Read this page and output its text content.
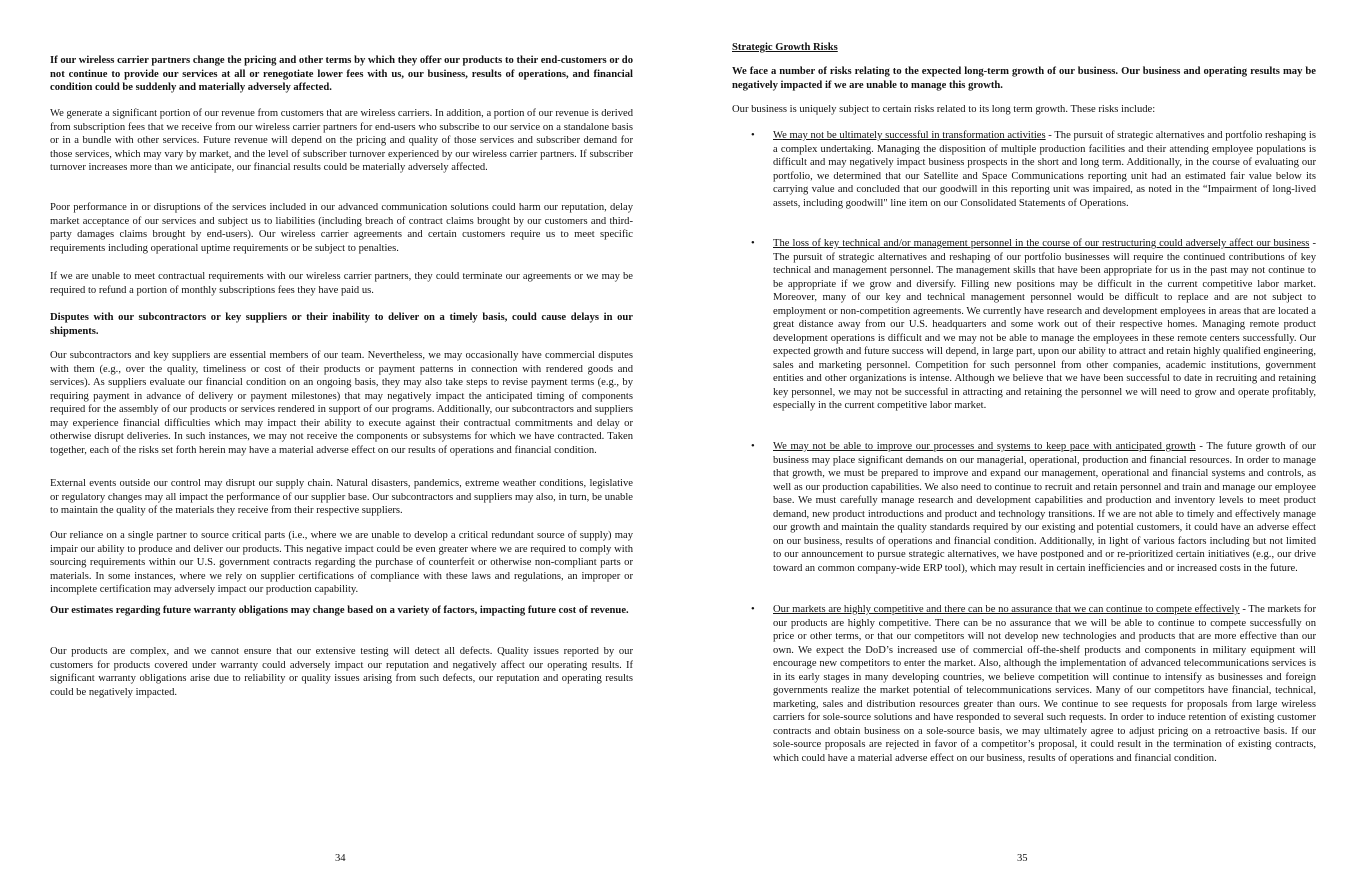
If our wireless carrier partners change the pricing and other terms by which they offer our products to their end-customers or do not continue to provide our services at all or renegotiate lower fees with us, our business, results of operations, and financial condition could be suddenly and materially adversely affected.

We generate a significant portion of our revenue from customers that are wireless carriers. In addition, a portion of our revenue is derived from subscription fees that we receive from our wireless carrier partners for end-users who subscribe to our service on a standalone basis or in a bundle with other services. Future revenue will depend on the pricing and quality of those services and subscriber demand for those services, which may vary by market, and the level of subscriber turnover experienced by our wireless carrier partners. If subscriber turnover increases more than we anticipate, our financial results could be materially adversely affected.

Poor performance in or disruptions of the services included in our advanced communication solutions could harm our reputation, delay market acceptance of our services and subject us to liabilities (including breach of contract claims brought by our customers and third-party damages claims brought by end-users). Our wireless carrier agreements and certain customers require us to meet specific requirements including operational uptime requirements or be subject to penalties.

If we are unable to meet contractual requirements with our wireless carrier partners, they could terminate our agreements or we may be required to refund a portion of monthly subscriptions fees they have paid us.

Disputes with our subcontractors or key suppliers or their inability to deliver on a timely basis, could cause delays in our shipments.

Our subcontractors and key suppliers are essential members of our team. Nevertheless, we may occasionally have commercial disputes with them (e.g., over the quality, timeliness or cost of their products or payment patterns in connection with rendered goods and services). As suppliers evaluate our financial condition on an ongoing basis, they may also take steps to revise payment terms (e.g., by requiring payment in advance of delivery or payment milestones) that may negatively impact the anticipated timing of components required for the assembly of our products or services rendered in support of our programs. Additionally, our subcontractors and suppliers may experience financial difficulties which may impact their ability to execute against their contractual commitments and delay or otherwise disrupt deliveries. In such instances, we may not receive the components or subsystems for which we have contracted. Taken together, each of the risks set forth herein may have a material adverse effect on our results of operations and financial condition.

External events outside our control may disrupt our supply chain. Natural disasters, pandemics, extreme weather conditions, legislative or regulatory changes may all impact the performance of our supplier base. Our subcontractors and suppliers may also, in turn, be unable to maintain the quality of the materials they receive from their respective suppliers.

Our reliance on a single partner to source critical parts (i.e., where we are unable to develop a critical redundant source of supply) may impair our ability to produce and deliver our products. This negative impact could be even greater where we are required to comply with sourcing requirements within our U.S. government contracts regarding the purchase of counterfeit or otherwise non-compliant parts or materials. In some instances, where we rely on supplier certifications of compliance with these laws and regulations, an improper or incomplete certification may adversely impact our production capability.

Our estimates regarding future warranty obligations may change based on a variety of factors, impacting future cost of revenue.

Our products are complex, and we cannot ensure that our extensive testing will detect all defects. Quality issues reported by our customers for products covered under warranty could adversely impact our reputation and negatively affect our operating results. If significant warranty obligations arise due to reliability or quality issues arising from such defects, our reputation and operating results could be negatively impacted.

Strategic Growth Risks

We face a number of risks relating to the expected long-term growth of our business. Our business and operating results may be negatively impacted if we are unable to manage this growth.

Our business is uniquely subject to certain risks related to its long term growth. These risks include:

• We may not be ultimately successful in transformation activities - The pursuit of strategic alternatives and portfolio reshaping is a complex undertaking. Managing the disposition of multiple production facilities and their attending employee populations is difficult and may negatively impact business prospects in the short and long term. Additionally, in the course of evaluating our portfolio, we determined that our Satellite and Space Communications reporting unit had an estimated fair value below its carrying value and concluded that our goodwill in this reporting unit was impaired, as noted in the “Impairment of long-lived assets, including goodwill" line item on our Consolidated Statements of Operations.
• The loss of key technical and/or management personnel in the course of our restructuring could adversely affect our business - The pursuit of strategic alternatives and reshaping of our portfolio businesses will require the continued contributions of key technical and management personnel. The management skills that have been appropriate for us in the past may not continue to be appropriate if we grow and diversify. Filling new positions may be difficult in the current competitive labor market. Moreover, many of our key and technical management personnel would be difficult to replace and are not subject to employment or non-competition agreements. We currently have research and development employees in areas that are located a great distance away from our U.S. headquarters and some work out of their respective homes. Managing remote product development operations is difficult and we may not be able to manage the employees in these remote centers successfully. Our expected growth and future success will depend, in large part, upon our ability to attract and retain highly qualified engineering, sales and marketing personnel. Competition for such personnel from other companies, academic institutions, government entities and other organizations is intense. Although we believe that we have been successful to date in recruiting and retaining key personnel, we may not be successful in attracting and retaining the personnel we will need to grow and operate profitably, especially in the current competitive labor market.
• We may not be able to improve our processes and systems to keep pace with anticipated growth - The future growth of our business may place significant demands on our managerial, operational, production and financial resources. In order to manage that growth, we must be prepared to improve and expand our management, operational and financial systems and controls, as well as our production capabilities. We also need to continue to recruit and retain personnel and train and manage our employee base. We must carefully manage research and development capabilities and production and inventory levels to meet product demand, new product introductions and product and technology transitions. If we are not able to timely and effectively manage our growth and maintain the quality standards required by our existing and potential customers, it could have an adverse effect on our business, results of operations and financial condition. Additionally, in light of various factors including but not limited to our announcement to pursue strategic alternatives, we have postponed and or re-prioritized certain initiatives (e.g., our drive toward an common company-wide ERP tool), which may result in certain inefficiencies and or increased costs in the future.
• Our markets are highly competitive and there can be no assurance that we can continue to compete effectively - The markets for our products are highly competitive. There can be no assurance that we will be able to continue to compete successfully on price or other terms, or that our competitors will not develop new technologies and products that are more effective than our own. We expect the DoD’s increased use of commercial off-the-shelf products and components in military equipment will encourage new competitors to enter the market. Also, although the implementation of advanced telecommunications services is in its early stages in many developing countries, we believe competition will continue to intensify as businesses and foreign governments realize the market potential of telecommunications services. Many of our competitors have financial, technical, marketing, sales and distribution resources greater than ours. We continue to see requests for proposals from large wireless carriers for sole-source solutions and have responded to several such requests. In order to induce retention of existing customer contracts and obtain business on a sole-source basis, we may ultimately agree to adjust pricing on a retroactive basis. If our sole-source proposals are rejected in favor of a competitor’s proposal, it could result in the termination of existing contracts, which could have a material adverse effect on our business, results of operations and financial condition.
34	35
